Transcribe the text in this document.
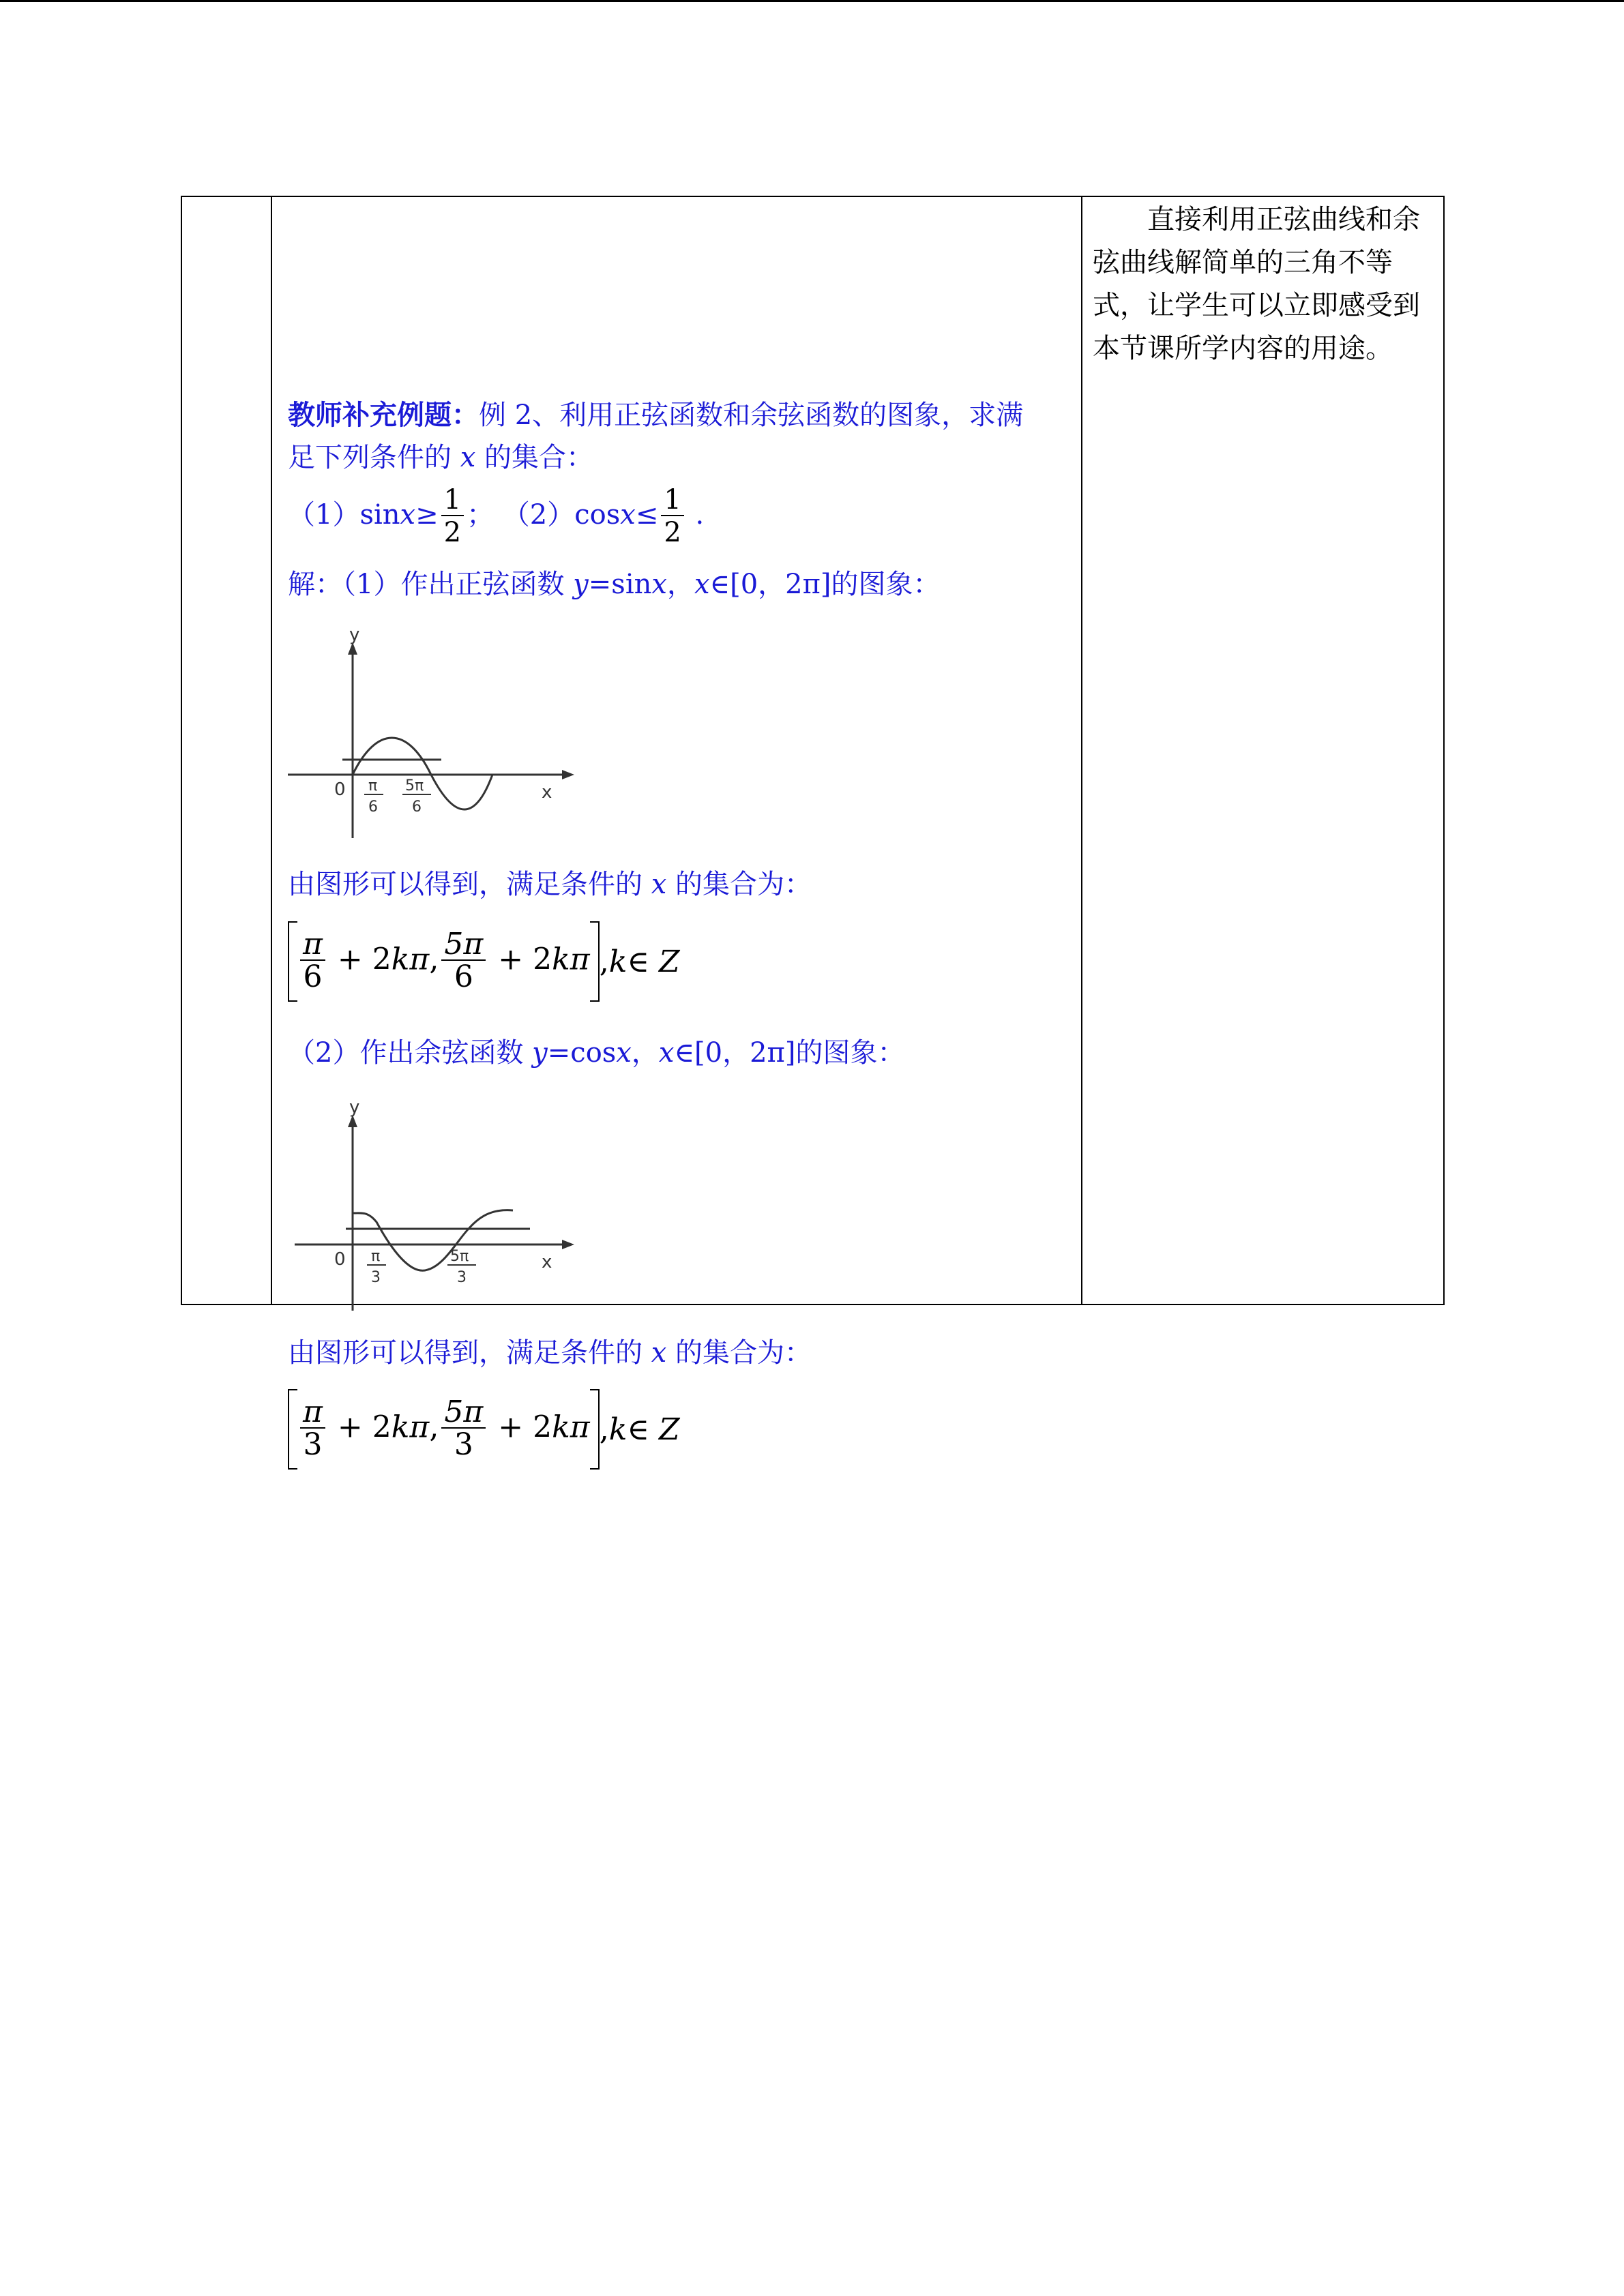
教师补充例题：例 2、利用正弦函数和余弦函数的图象，求满
足下列条件的 x 的集合：
$(1)\sin x\ge \frac{1}{2}$ ； $(2)\cos x\le \frac{1}{2}$ .
解：（1）作出正弦函数 y=sinx，x∈[0，2π]的图象：
y
x
0 π
6
5π
6
由图形可以得到，满足条件的 x 的集合为：
$\frac{\pi}{6} + 2k\pi$, $\frac{5\pi}{6} + 2k\pi$ ,k∈ Z
（2）作出余弦函数 y=cosx，x∈[0，2π]的图象：
y
x
0 π
3
5π
3
由图形可以得到，满足条件的 x 的集合为：
$\frac{\pi}{3} + 2k\pi$, $\frac{5\pi}{3} + 2k\pi$ ,k∈ Z

直接利用正弦曲线和余弦曲线解简单的三角不等式，让学生可以立即感受到本节课所学内容的用途。
